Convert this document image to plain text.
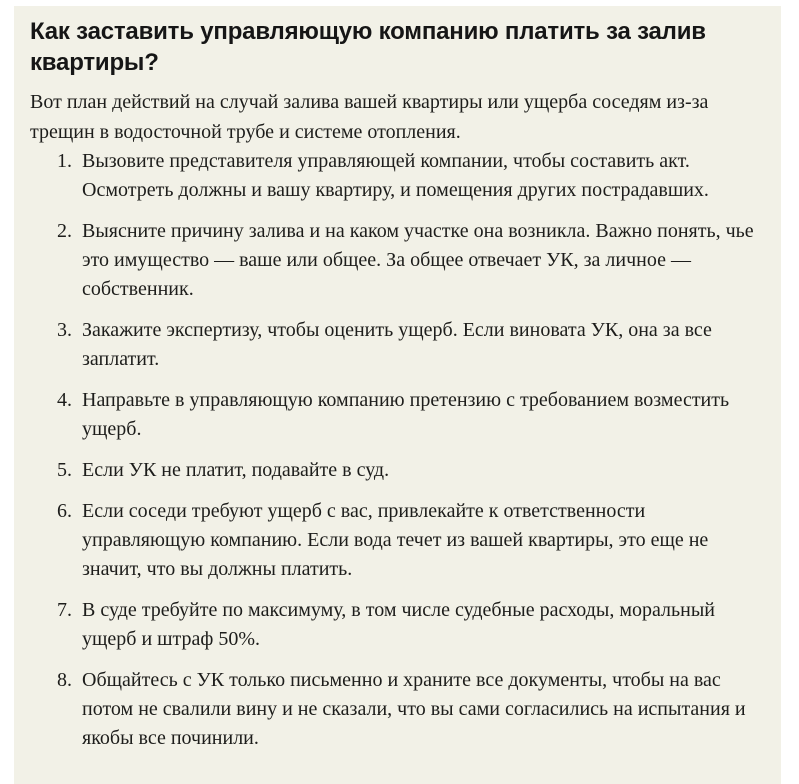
Как заставить управляющую компанию платить за залив квартиры?

Вот план действий на случай залива вашей квартиры или ущерба соседям из-за трещин в водосточной трубе и системе отопления.

1. Вызовите представителя управляющей компании, чтобы составить акт. Осмотреть должны и вашу квартиру, и помещения других пострадавших.
2. Выясните причину залива и на каком участке она возникла. Важно понять, чье это имущество — ваше или общее. За общее отвечает УК, за личное — собственник.
3. Закажите экспертизу, чтобы оценить ущерб. Если виновата УК, она за все заплатит.
4. Направьте в управляющую компанию претензию с требованием возместить ущерб.
5. Если УК не платит, подавайте в суд.
6. Если соседи требуют ущерб с вас, привлекайте к ответственности управляющую компанию. Если вода течет из вашей квартиры, это еще не значит, что вы должны платить.
7. В суде требуйте по максимуму, в том числе судебные расходы, моральный ущерб и штраф 50%.
8. Общайтесь с УК только письменно и храните все документы, чтобы на вас потом не свалили вину и не сказали, что вы сами согласились на испытания и якобы все починили.
